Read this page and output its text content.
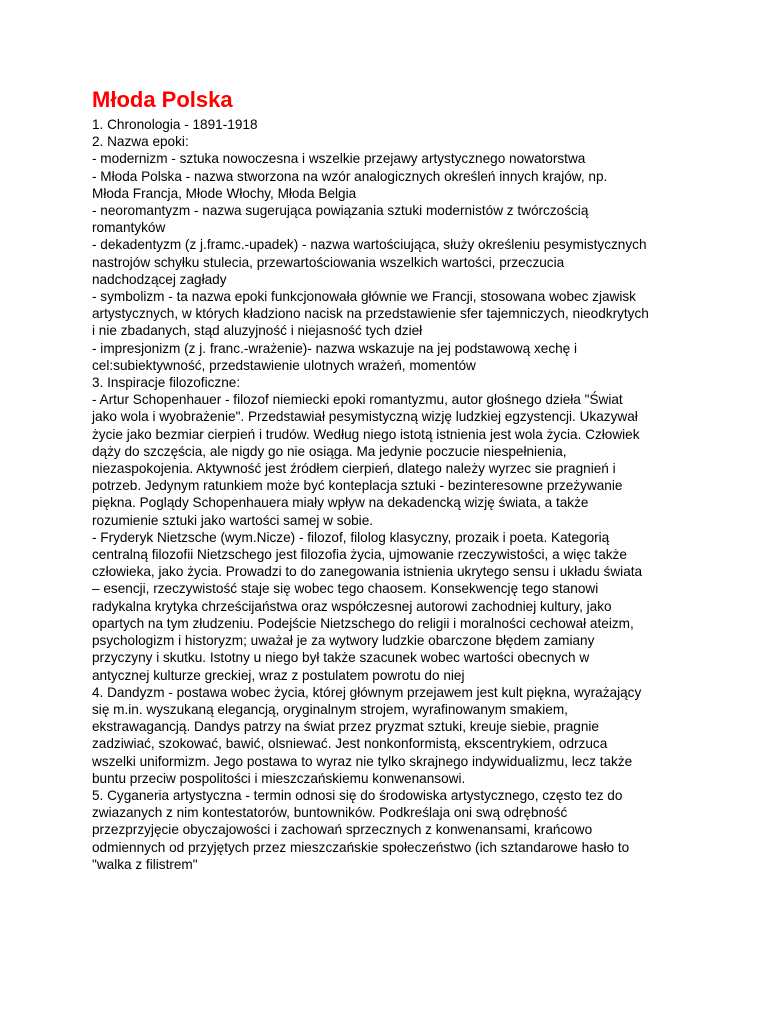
Młoda Polska
1. Chronologia - 1891-1918
2. Nazwa epoki:
- modernizm - sztuka nowoczesna i wszelkie przejawy artystycznego nowatorstwa
- Młoda Polska - nazwa stworzona na wzór analogicznych określeń innych krajów, np.
Młoda Francja, Młode Włochy, Młoda Belgia
- neoromantyzm - nazwa sugerująca powiązania sztuki modernistów z twórczością
romantyków
- dekadentyzm (z j.framc.-upadek) - nazwa wartościująca, służy określeniu pesymistycznych
nastrojów schyłku stulecia, przewartościowania wszelkich wartości, przeczucia
nadchodzącej zagłady
- symbolizm - ta nazwa epoki funkcjonowała głównie we Francji, stosowana wobec zjawisk
artystycznych, w których kładziono nacisk na przedstawienie sfer tajemniczych, nieodkrytych
i nie zbadanych, stąd aluzyjność i niejasność tych dzieł
- impresjonizm (z j. franc.-wrażenie)- nazwa wskazuje na jej podstawową xechę i
cel:subiektywność, przedstawienie ulotnych wrażeń, momentów
3. Inspiracje filozoficzne:
- Artur Schopenhauer - filozof niemiecki epoki romantyzmu, autor głośnego dzieła "Świat
jako wola i wyobrażenie". Przedstawiał pesymistyczną wizję ludzkiej egzystencji. Ukazywał
życie jako bezmiar cierpień i trudów. Według niego istotą istnienia jest wola życia. Człowiek
dąży do szczęścia, ale nigdy go nie osiąga. Ma jedynie poczucie niespełnienia,
niezaspokojenia. Aktywność jest źródłem cierpień, dlatego należy wyrzec sie pragnień i
potrzeb. Jedynym ratunkiem może być konteplacja sztuki - bezinteresowne przeżywanie
piękna. Poglądy Schopenhauera miały wpływ na dekadencką wizję świata, a także
rozumienie sztuki jako wartości samej w sobie.
- Fryderyk Nietzsche (wym.Nicze) - filozof, filolog klasyczny, prozaik i poeta. Kategorią
centralną filozofii Nietzschego jest filozofia życia, ujmowanie rzeczywistości, a więc także
człowieka, jako życia. Prowadzi to do zanegowania istnienia ukrytego sensu i układu świata
– esencji, rzeczywistość staje się wobec tego chaosem. Konsekwencję tego stanowi
radykalna krytyka chrześcijaństwa oraz współczesnej autorowi zachodniej kultury, jako
opartych na tym złudzeniu. Podejście Nietzschego do religii i moralności cechował ateizm,
psychologizm i historyzm; uważał je za wytwory ludzkie obarczone błędem zamiany
przyczyny i skutku. Istotny u niego był także szacunek wobec wartości obecnych w
antycznej kulturze greckiej, wraz z postulatem powrotu do niej
4. Dandyzm - postawa wobec życia, której głównym przejawem jest kult piękna, wyrażający
się m.in. wyszukaną elegancją, oryginalnym strojem, wyrafinowanym smakiem,
ekstrawagancją. Dandys patrzy na świat przez pryzmat sztuki, kreuje siebie, pragnie
zadziwiać, szokować, bawić, olsniewać. Jest nonkonformistą, ekscentrykiem, odrzuca
wszelki uniformizm. Jego postawa to wyraz nie tylko skrajnego indywidualizmu, lecz także
buntu przeciw pospolitości i mieszczańskiemu konwenansowi.
5. Cyganeria artystyczna - termin odnosi się do środowiska artystycznego, często tez do
zwiazanych z nim kontestatorów, buntowników. Podkreślaja oni swą odrębność
przezprzyjęcie obyczajowości i zachowań sprzecznych z konwenansami, krańcowo
odmiennych od przyjętych przez mieszczańskie społeczeństwo (ich sztandarowe hasło to
"walka z filistrem"
